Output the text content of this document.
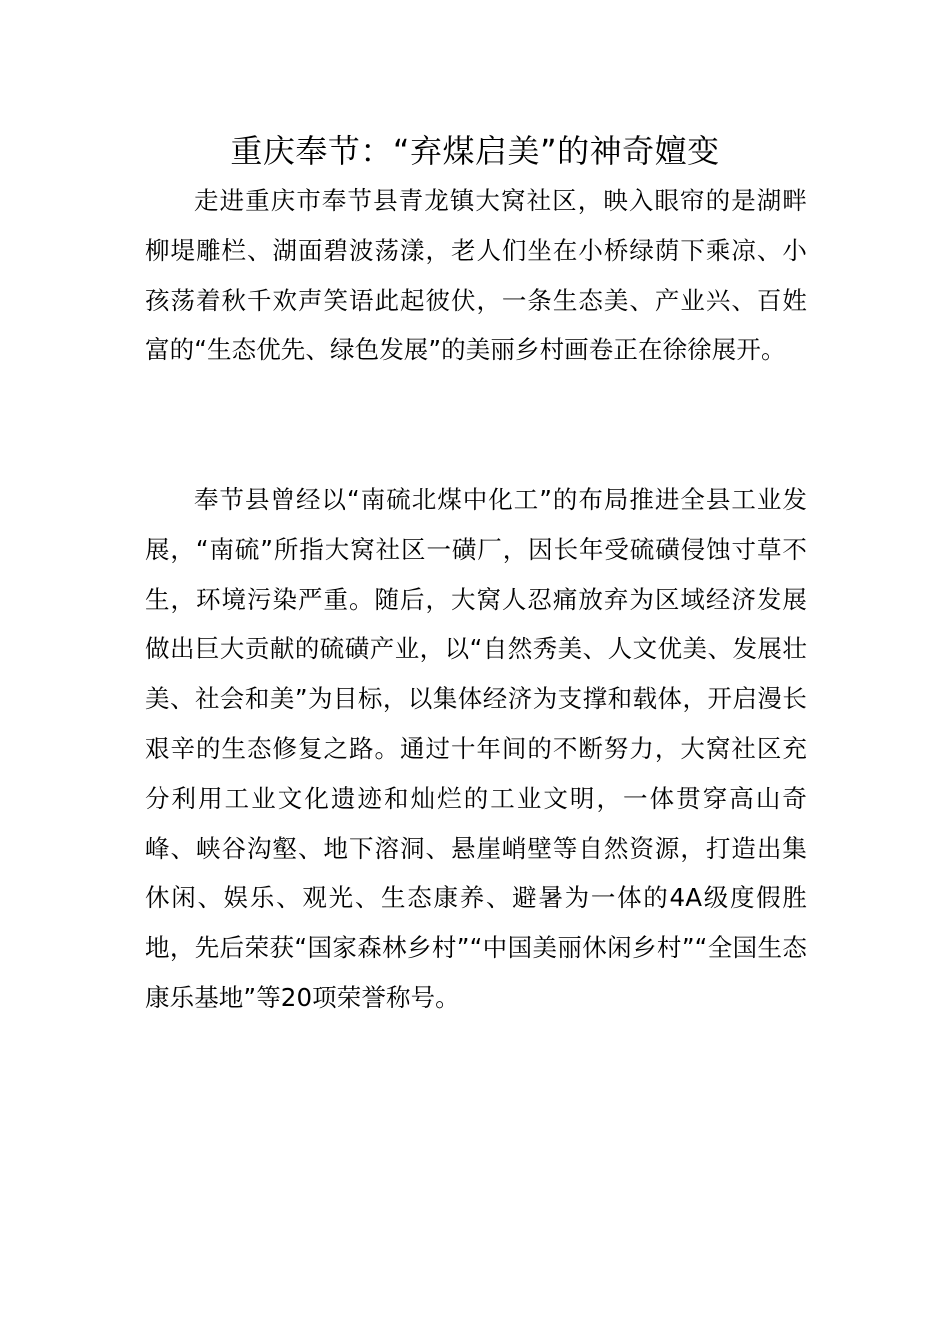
重庆奉节：“弃煤启美”的神奇嬗变

走进重庆市奉节县青龙镇大窝社区，映入眼帘的是湖畔柳堤雕栏、湖面碧波荡漾，老人们坐在小桥绿荫下乘凉、小孩荡着秋千欢声笑语此起彼伏，一条生态美、产业兴、百姓富的“生态优先、绿色发展”的美丽乡村画卷正在徐徐展开。

奉节县曾经以“南硫北煤中化工”的布局推进全县工业发展，“南硫”所指大窝社区一磺厂，因长年受硫磺侵蚀寸草不生，环境污染严重。随后，大窝人忍痛放弃为区域经济发展做出巨大贡献的硫磺产业，以“自然秀美、人文优美、发展壮美、社会和美”为目标，以集体经济为支撑和载体，开启漫长艰辛的生态修复之路。通过十年间的不断努力，大窝社区充分利用工业文化遗迹和灿烂的工业文明，一体贯穿高山奇峰、峡谷沟壑、地下溶洞、悬崖峭壁等自然资源，打造出集休闲、娱乐、观光、生态康养、避暑为一体的4A级度假胜地，先后荣获“国家森林乡村”“中国美丽休闲乡村”“全国生态康乐基地”等20项荣誉称号。
